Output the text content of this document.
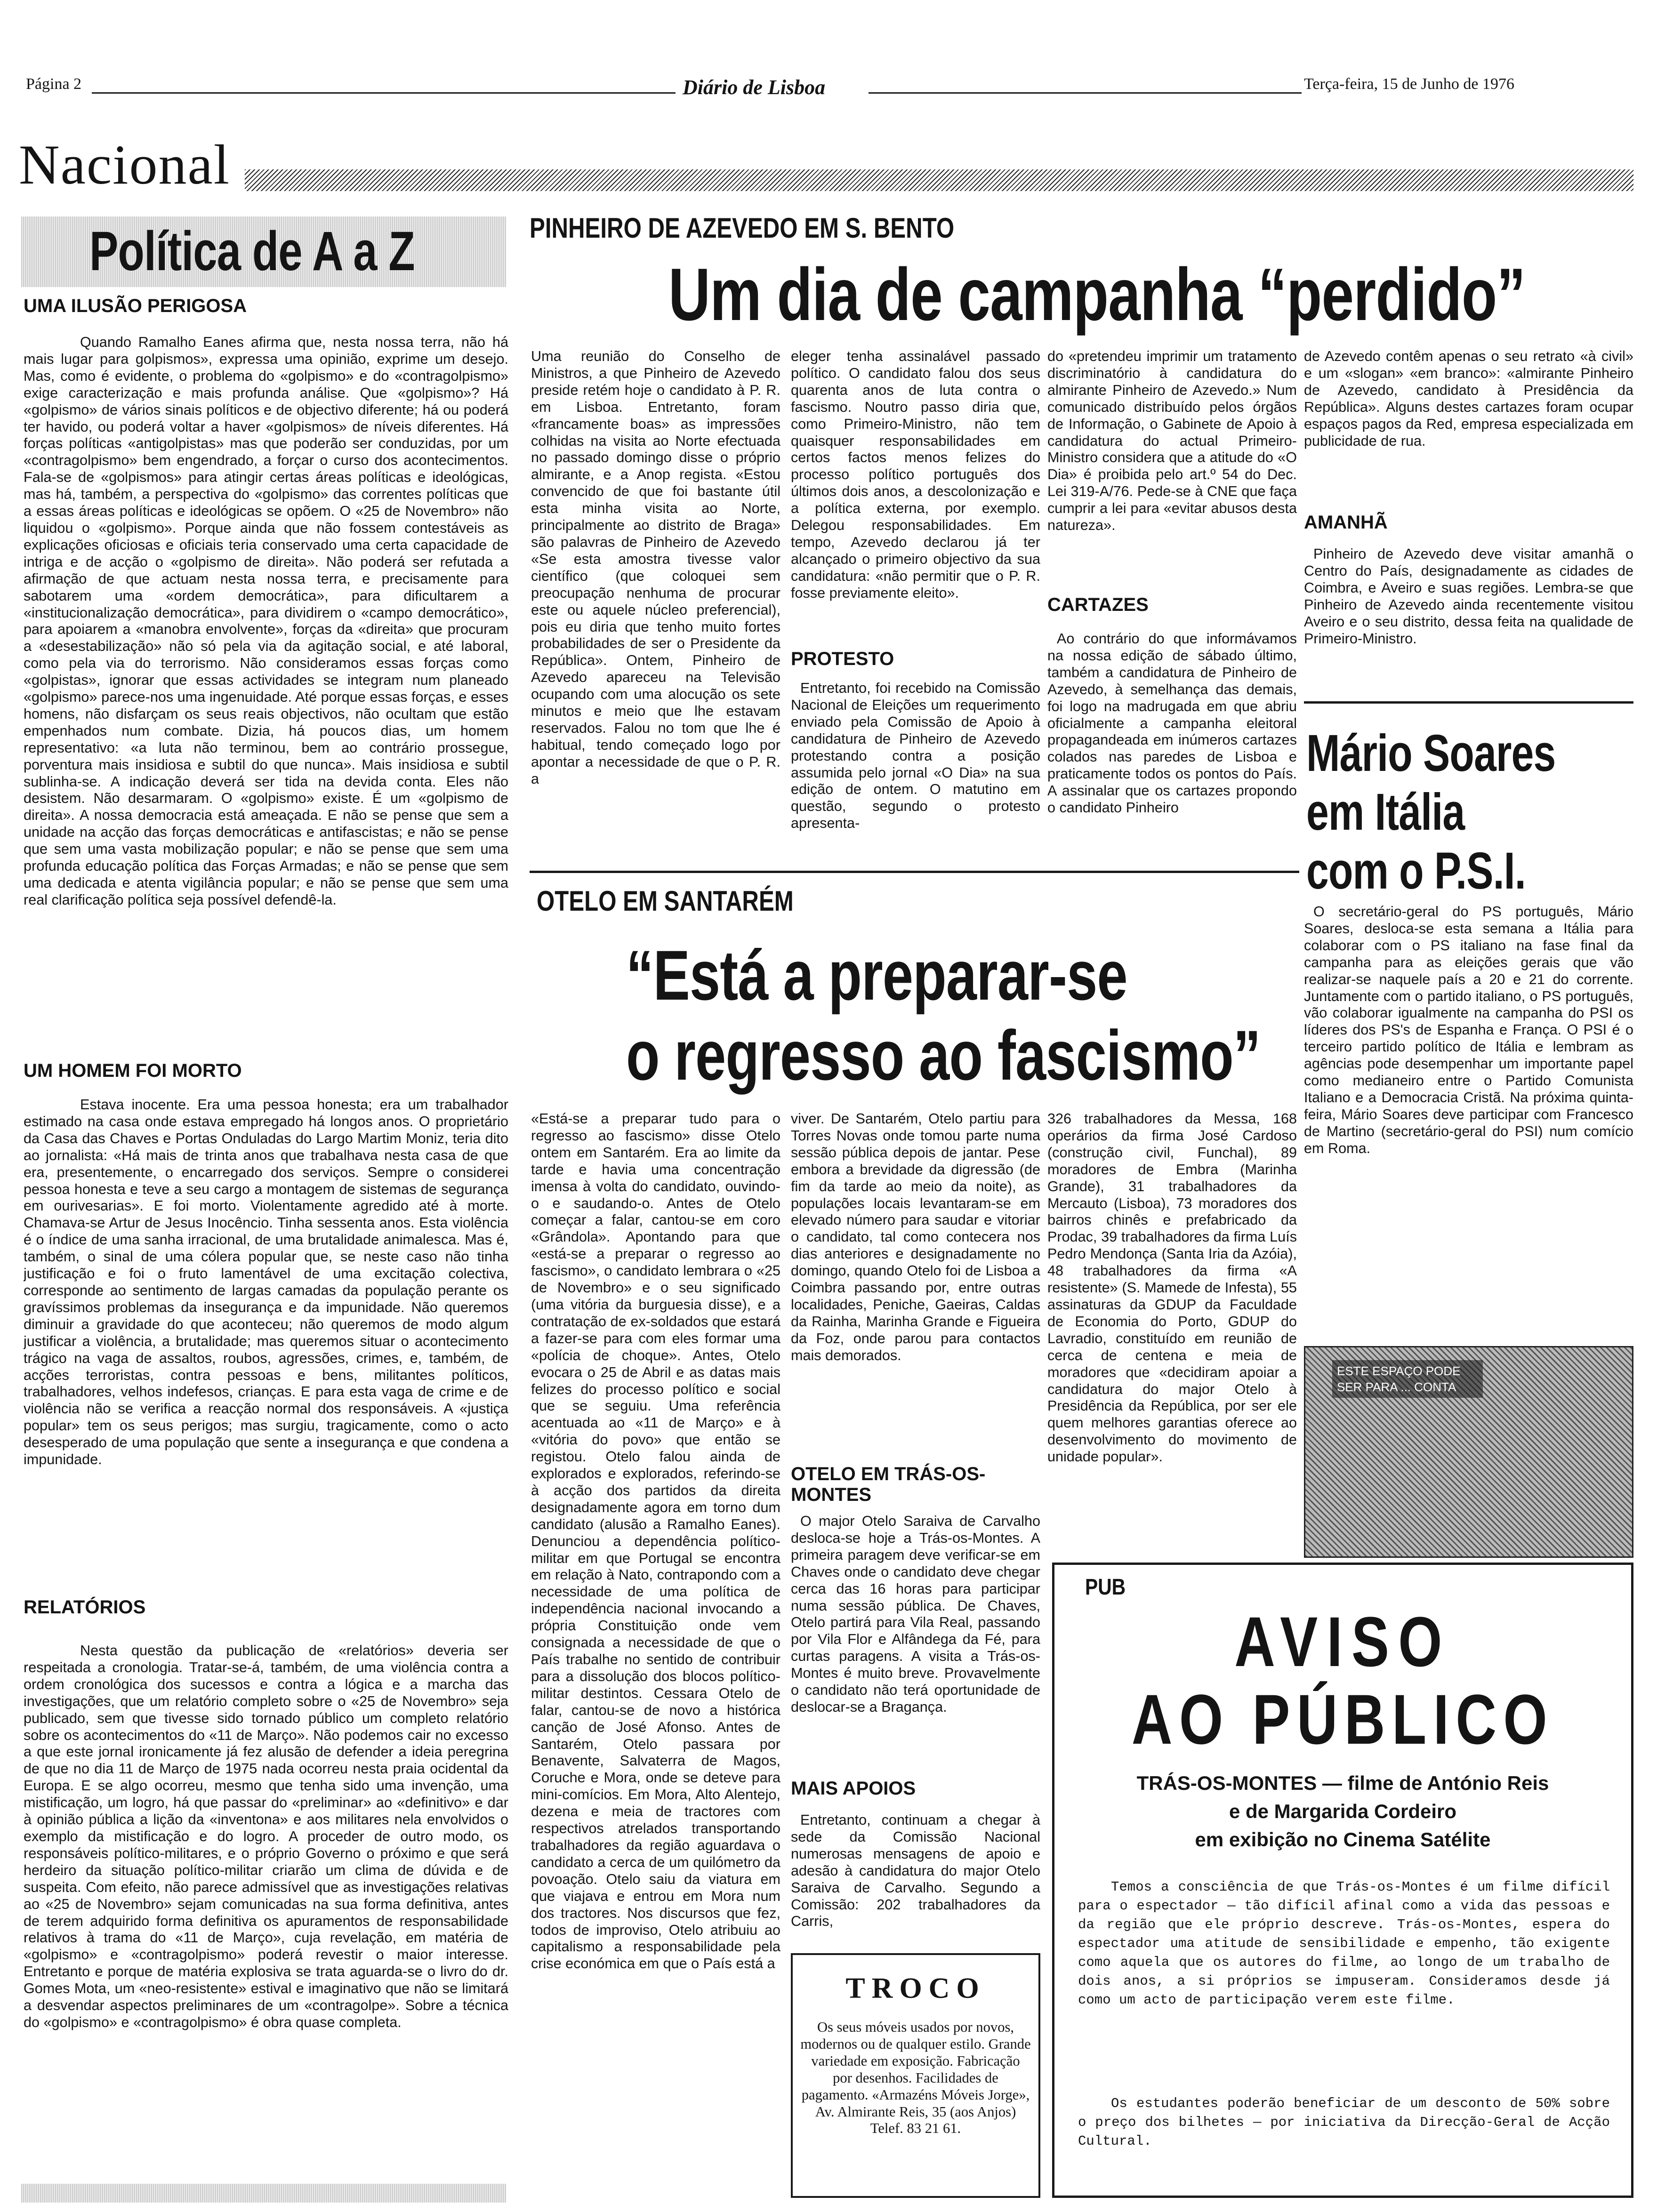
Página 2	Diário de Lisboa	Terça-feira, 15 de Junho de 1976
Nacional
Política de A a Z
UMA ILUSÃO PERIGOSA
Quando Ramalho Eanes afirma que, nesta nossa terra, não há mais lugar para golpismos», expressa uma opinião, exprime um desejo. Mas, como é evidente, o problema do «golpismo» e do «contragolpismo» exige caracterização e mais profunda análise. Que «golpismo»? Há «golpismo» de vários sinais políticos e de objectivo diferente; há ou poderá ter havido, ou poderá voltar a haver «golpismos» de níveis diferentes. Há forças políticas «antigolpistas» mas que poderão ser conduzidas, por um «contragolpismo» bem engendrado, a forçar o curso dos acontecimentos. Fala-se de «golpismos» para atingir certas áreas políticas e ideológicas, mas há, também, a perspectiva do «golpismo» das correntes políticas que a essas áreas políticas e ideológicas se opõem. O «25 de Novembro» não liquidou o «golpismo». Porque ainda que não fossem contestáveis as explicações oficiosas e oficiais teria conservado uma certa capacidade de intriga e de acção o «golpismo de direita». Não poderá ser refutada a afirmação de que actuam nesta nossa terra, e precisamente para sabotarem uma «ordem democrática», para dificultarem a «institucionalização democrática», para dividirem o «campo democrático», para apoiarem a «manobra envolvente», forças da «direita» que procuram a «desestabilização» não só pela via da agitação social, e até laboral, como pela via do terrorismo. Não consideramos essas forças como «golpistas», ignorar que essas actividades se integram num planeado «golpismo» parece-nos uma ingenuidade. Até porque essas forças, e esses homens, não disfarçam os seus reais objectivos, não ocultam que estão empenhados num combate. Dizia, há poucos dias, um homem representativo: «a luta não terminou, bem ao contrário prossegue, porventura mais insidiosa e subtil do que nunca». Mais insidiosa e subtil sublinha-se. A indicação deverá ser tida na devida conta. Eles não desistem. Não desarmaram. O «golpismo» existe. É um «golpismo de direita». A nossa democracia está ameaçada. E não se pense que sem a unidade na acção das forças democráticas e antifascistas; e não se pense que sem uma vasta mobilização popular; e não se pense que sem uma profunda educação política das Forças Armadas; e não se pense que sem uma dedicada e atenta vigilância popular; e não se pense que sem uma real clarificação política seja possível defendê-la.
UM HOMEM FOI MORTO
Estava inocente. Era uma pessoa honesta; era um trabalhador estimado na casa onde estava empregado há longos anos. O proprietário da Casa das Chaves e Portas Onduladas do Largo Martim Moniz, teria dito ao jornalista: «Há mais de trinta anos que trabalhava nesta casa de que era, presentemente, o encarregado dos serviços. Sempre o considerei pessoa honesta e teve a seu cargo a montagem de sistemas de segurança em ourivesarias». E foi morto. Violentamente agredido até à morte. Chamava-se Artur de Jesus Inocêncio. Tinha sessenta anos. Esta violência é o índice de uma sanha irracional, de uma brutalidade animalesca. Mas é, também, o sinal de uma cólera popular que, se neste caso não tinha justificação e foi o fruto lamentável de uma excitação colectiva, corresponde ao sentimento de largas camadas da população perante os gravíssimos problemas da insegurança e da impunidade. Não queremos diminuir a gravidade do que aconteceu; não queremos de modo algum justificar a violência, a brutalidade; mas queremos situar o acontecimento trágico na vaga de assaltos, roubos, agressões, crimes, e, também, de acções terroristas, contra pessoas e bens, militantes políticos, trabalhadores, velhos indefesos, crianças. E para esta vaga de crime e de violência não se verifica a reacção normal dos responsáveis. A «justiça popular» tem os seus perigos; mas surgiu, tragicamente, como o acto desesperado de uma população que sente a insegurança e que condena a impunidade.
RELATÓRIOS
Nesta questão da publicação de «relatórios» deveria ser respeitada a cronologia. Tratar-se-á, também, de uma violência contra a ordem cronológica dos sucessos e contra a lógica e a marcha das investigações, que um relatório completo sobre o «25 de Novembro» seja publicado, sem que tivesse sido tornado público um completo relatório sobre os acontecimentos do «11 de Março». Não podemos cair no excesso a que este jornal ironicamente já fez alusão de defender a ideia peregrina de que no dia 11 de Março de 1975 nada ocorreu nesta praia ocidental da Europa. E se algo ocorreu, mesmo que tenha sido uma invenção, uma mistificação, um logro, há que passar do «preliminar» ao «definitivo» e dar à opinião pública a lição da «inventona» e aos militares nela envolvidos o exemplo da mistificação e do logro. A proceder de outro modo, os responsáveis político-militares, e o próprio Governo o próximo e que será herdeiro da situação político-militar criarão um clima de dúvida e de suspeita. Com efeito, não parece admissível que as investigações relativas ao «25 de Novembro» sejam comunicadas na sua forma definitiva, antes de terem adquirido forma definitiva os apuramentos de responsabilidade relativos à trama do «11 de Março», cuja revelação, em matéria de «golpismo» e «contragolpismo» poderá revestir o maior interesse. Entretanto e porque de matéria explosiva se trata aguarda-se o livro do dr. Gomes Mota, um «neo-resistente» estival e imaginativo que não se limitará a desvendar aspectos preliminares de um «contragolpe». Sobre a técnica do «golpismo» e «contragolpismo» é obra quase completa.
PINHEIRO DE AZEVEDO EM S. BENTO
Um dia de campanha “perdido”
Uma reunião do Conselho de Ministros, a que Pinheiro de Azevedo preside retém hoje o candidato à P. R. em Lisboa. Entretanto, foram «francamente boas» as impressões colhidas na visita ao Norte efectuada no passado domingo disse o próprio almirante, e a Anop regista. «Estou convencido de que foi bastante útil esta minha visita ao Norte, principalmente ao distrito de Braga» são palavras de Pinheiro de Azevedo «Se esta amostra tivesse valor científico (que coloquei sem preocupação nenhuma de procurar este ou aquele núcleo preferencial), pois eu diria que tenho muito fortes probabilidades de ser o Presidente da República». Ontem, Pinheiro de Azevedo apareceu na Televisão ocupando com uma alocução os sete minutos e meio que lhe estavam reservados. Falou no tom que lhe é habitual, tendo começado logo por apontar a necessidade de que o P. R. a
eleger tenha assinalável passado político. O candidato falou dos seus quarenta anos de luta contra o fascismo. Noutro passo diria que, como Primeiro-Ministro, não tem quaisquer responsabilidades em certos factos menos felizes do processo político português dos últimos dois anos, a descolonização e a política externa, por exemplo. Delegou responsabilidades. Em tempo, Azevedo declarou já ter alcançado o primeiro objectivo da sua candidatura: «não permitir que o P. R. fosse previamente eleito».
PROTESTO
Entretanto, foi recebido na Comissão Nacional de Eleições um requerimento enviado pela Comissão de Apoio à candidatura de Pinheiro de Azevedo protestando contra a posição assumida pelo jornal «O Dia» na sua edição de ontem. O matutino em questão, segundo o protesto apresenta-
do «pretendeu imprimir um tratamento discriminatório à candidatura do almirante Pinheiro de Azevedo.» Num comunicado distribuído pelos órgãos de Informação, o Gabinete de Apoio à candidatura do actual Primeiro-Ministro considera que a atitude do «O Dia» é proibida pelo art.º 54 do Dec. Lei 319-A/76. Pede-se à CNE que faça cumprir a lei para «evitar abusos desta natureza».
CARTAZES
Ao contrário do que informávamos na nossa edição de sábado último, também a candidatura de Pinheiro de Azevedo, à semelhança das demais, foi logo na madrugada em que abriu oficialmente a campanha eleitoral propagandeada em inúmeros cartazes colados nas paredes de Lisboa e praticamente todos os pontos do País. A assinalar que os cartazes propondo o candidato Pinheiro
de Azevedo contêm apenas o seu retrato «à civil» e um «slogan» «em branco»: «almirante Pinheiro de Azevedo, candidato à Presidência da República». Alguns destes cartazes foram ocupar espaços pagos da Red, empresa especializada em publicidade de rua.
AMANHÃ
Pinheiro de Azevedo deve visitar amanhã o Centro do País, designadamente as cidades de Coimbra, e Aveiro e suas regiões. Lembra-se que Pinheiro de Azevedo ainda recentemente visitou Aveiro e o seu distrito, dessa feita na qualidade de Primeiro-Ministro.
Mário Soares
em Itália
com o P.S.I.
O secretário-geral do PS português, Mário Soares, desloca-se esta semana a Itália para colaborar com o PS italiano na fase final da campanha para as eleições gerais que vão realizar-se naquele país a 20 e 21 do corrente. Juntamente com o partido italiano, o PS português, vão colaborar igualmente na campanha do PSI os líderes dos PS's de Espanha e França. O PSI é o terceiro partido político de Itália e lembram as agências pode desempenhar um importante papel como medianeiro entre o Partido Comunista Italiano e a Democracia Cristã. Na próxima quinta-feira, Mário Soares deve participar com Francesco de Martino (secretário-geral do PSI) num comício em Roma.
OTELO EM SANTARÉM
“Está a preparar-se
o regresso ao fascismo”
«Está-se a preparar tudo para o regresso ao fascismo» disse Otelo ontem em Santarém. Era ao limite da tarde e havia uma concentração imensa à volta do candidato, ouvindo-o e saudando-o. Antes de Otelo começar a falar, cantou-se em coro «Grândola». Apontando para que «está-se a preparar o regresso ao fascismo», o candidato lembrara o «25 de Novembro» e o seu significado (uma vitória da burguesia disse), e a contratação de ex-soldados que estará a fazer-se para com eles formar uma «polícia de choque». Antes, Otelo evocara o 25 de Abril e as datas mais felizes do processo político e social que se seguiu. Uma referência acentuada ao «11 de Março» e à «vitória do povo» que então se registou. Otelo falou ainda de explorados e explorados, referindo-se à acção dos partidos da direita designadamente agora em torno dum candidato (alusão a Ramalho Eanes). Denunciou a dependência político-militar em que Portugal se encontra em relação à Nato, contrapondo com a necessidade de uma política de independência nacional invocando a própria Constituição onde vem consignada a necessidade de que o País trabalhe no sentido de contribuir para a dissolução dos blocos político-militar destintos. Cessara Otelo de falar, cantou-se de novo a histórica canção de José Afonso. Antes de Santarém, Otelo passara por Benavente, Salvaterra de Magos, Coruche e Mora, onde se deteve para mini-comícios. Em Mora, Alto Alentejo, dezena e meia de tractores com respectivos atrelados transportando trabalhadores da região aguardava o candidato a cerca de um quilómetro da povoação. Otelo saiu da viatura em que viajava e entrou em Mora num dos tractores. Nos discursos que fez, todos de improviso, Otelo atribuiu ao capitalismo a responsabilidade pela crise económica em que o País está a
viver. De Santarém, Otelo partiu para Torres Novas onde tomou parte numa sessão pública depois de jantar. Pese embora a brevidade da digressão (de fim da tarde ao meio da noite), as populações locais levantaram-se em elevado número para saudar e vitoriar o candidato, tal como contecera nos dias anteriores e designadamente no domingo, quando Otelo foi de Lisboa a Coimbra passando por, entre outras localidades, Peniche, Gaeiras, Caldas da Rainha, Marinha Grande e Figueira da Foz, onde parou para contactos mais demorados.
OTELO EM TRÁS-OS-MONTES
O major Otelo Saraiva de Carvalho desloca-se hoje a Trás-os-Montes. A primeira paragem deve verificar-se em Chaves onde o candidato deve chegar cerca das 16 horas para participar numa sessão pública. De Chaves, Otelo partirá para Vila Real, passando por Vila Flor e Alfândega da Fé, para curtas paragens. A visita a Trás-os-Montes é muito breve. Provavelmente o candidato não terá oportunidade de deslocar-se a Bragança.
MAIS APOIOS
Entretanto, continuam a chegar à sede da Comissão Nacional numerosas mensagens de apoio e adesão à candidatura do major Otelo Saraiva de Carvalho. Segundo a Comissão: 202 trabalhadores da Carris,
326 trabalhadores da Messa, 168 operários da firma José Cardoso (construção civil, Funchal), 89 moradores de Embra (Marinha Grande), 31 trabalhadores da Mercauto (Lisboa), 73 moradores dos bairros chinês e prefabricado da Prodac, 39 trabalhadores da firma Luís Pedro Mendonça (Santa Iria da Azóia), 48 trabalhadores da firma «A resistente» (S. Mamede de Infesta), 55 assinaturas da GDUP da Faculdade de Economia do Porto, GDUP do Lavradio, constituído em reunião de cerca de centena e meia de moradores que «decidiram apoiar a candidatura do major Otelo à Presidência da República, por ser ele quem melhores garantias oferece ao desenvolvimento do movimento de unidade popular».
ESTE ESPAÇO PODE SER PARA ... CONTA
TROCO
Os seus móveis usados por novos, modernos ou de qualquer estilo. Grande variedade em exposição. Fabricação por desenhos. Facilidades de pagamento. «Armazéns Móveis Jorge», Av. Almirante Reis, 35 (aos Anjos) Telef. 83 21 61.
PUB
AVISO
AO PÚBLICO
TRÁS-OS-MONTES — filme de António Reis
e de Margarida Cordeiro
em exibição no Cinema Satélite
Temos a consciência de que Trás-os-Montes é um filme difícil para o espectador — tão difícil afinal como a vida das pessoas e da região que ele próprio descreve. Trás-os-Montes, espera do espectador uma atitude de sensibilidade e empenho, tão exigente como aquela que os autores do filme, ao longo de um trabalho de dois anos, a si próprios se impuseram. Consideramos desde já como um acto de participação verem este filme.
Os estudantes poderão beneficiar de um desconto de 50% sobre o preço dos bilhetes — por iniciativa da Direcção-Geral de Acção Cultural.
